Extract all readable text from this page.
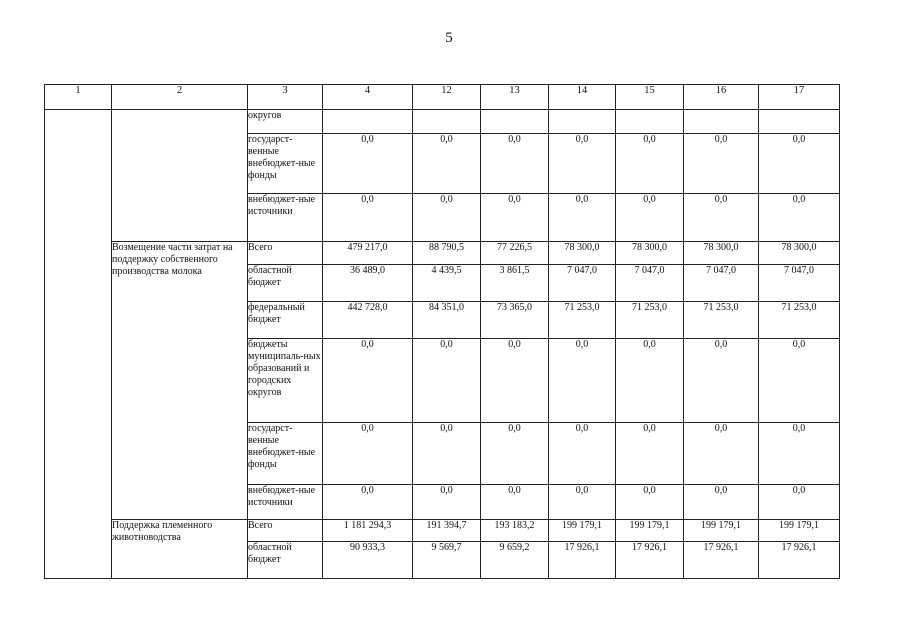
5
1	2	3	4	12	13	14	15	16	17
		округов							
		государст-венные внебюджет-ные фонды	0,0	0,0	0,0	0,0	0,0	0,0	0,0
		внебюджет-ные источники	0,0	0,0	0,0	0,0	0,0	0,0	0,0
	Возмещение части затрат на поддержку собственного производства молока	Всего	479 217,0	88 790,5	77 226,5	78 300,0	78 300,0	78 300,0	78 300,0
		областной бюджет	36 489,0	4 439,5	3 861,5	7 047,0	7 047,0	7 047,0	7 047,0
		федеральный бюджет	442 728,0	84 351,0	73 365,0	71 253,0	71 253,0	71 253,0	71 253,0
		бюджеты муниципаль-ных образований и городских округов	0,0	0,0	0,0	0,0	0,0	0,0	0,0
		государст-венные внебюджет-ные фонды	0,0	0,0	0,0	0,0	0,0	0,0	0,0
		внебюджет-ные источники	0,0	0,0	0,0	0,0	0,0	0,0	0,0
	Поддержка племенного животноводства	Всего	1 181 294,3	191 394,7	193 183,2	199 179,1	199 179,1	199 179,1	199 179,1
		областной бюджет	90 933,3	9 569,7	9 659,2	17 926,1	17 926,1	17 926,1	17 926,1
